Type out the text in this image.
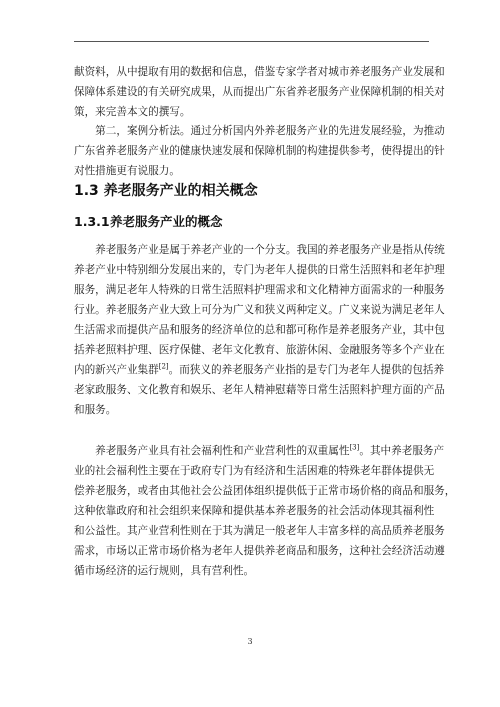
献资料，从中提取有用的数据和信息，借鉴专家学者对城市养老服务产业发展和
保障体系建设的有关研究成果，从而提出广东省养老服务产业保障机制的相关对
策，来完善本文的撰写。

　　第二，案例分析法。通过分析国内外养老服务产业的先进发展经验，为推动
广东省养老服务产业的健康快速发展和保障机制的构建提供参考，使得提出的针
对性措施更有说服力。

1.3 养老服务产业的相关概念
1.3.1养老服务产业的概念

　　养老服务产业是属于养老产业的一个分支。我国的养老服务产业是指从传统
养老产业中特别细分发展出来的，专门为老年人提供的日常生活照料和老年护理
服务，满足老年人特殊的日常生活照料护理需求和文化精神方面需求的一种服务
行业。养老服务产业大致上可分为广义和狭义两种定义。广义来说为满足老年人
生活需求而提供产品和服务的经济单位的总和都可称作是养老服务产业，其中包
括养老照料护理、医疗保健、老年文化教育、旅游休闲、金融服务等多个产业在
内的新兴产业集群[2]。而狭义的养老服务产业指的是专门为老年人提供的包括养
老家政服务、文化教育和娱乐、老年人精神慰藉等日常生活照料护理方面的产品
和服务。

　　养老服务产业具有社会福利性和产业营利性的双重属性[3]。其中养老服务产
业的社会福利性主要在于政府专门为有经济和生活困难的特殊老年群体提供无
偿养老服务，或者由其他社会公益团体组织提供低于正常市场价格的商品和服务，
这种依靠政府和社会组织来保障和提供基本养老服务的社会活动体现其福利性
和公益性。其产业营利性则在于其为满足一般老年人丰富多样的高品质养老服务
需求，市场以正常市场价格为老年人提供养老商品和服务，这种社会经济活动遵
循市场经济的运行规则，具有营利性。

3
